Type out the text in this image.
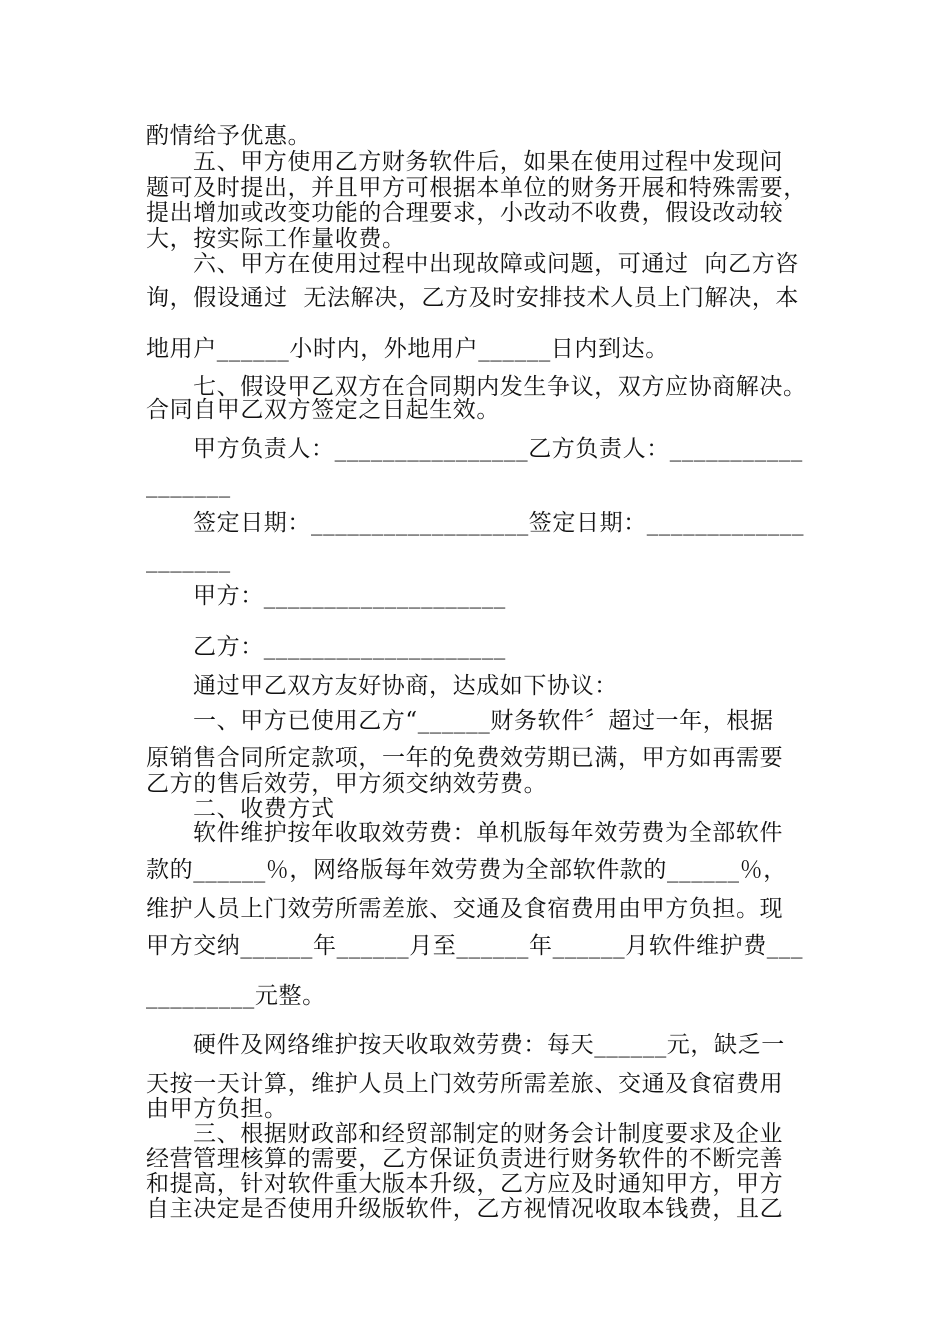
酌情给予优惠。
五、甲方使用乙方财务软件后，如果在使用过程中发现问
题可及时提出，并且甲方可根据本单位的财务开展和特殊需要，
提出增加或改变功能的合理要求，小改动不收费，假设改动较
大，按实际工作量收费。
六、甲方在使用过程中出现故障或问题，可通过  向乙方咨
询，假设通过  无法解决，乙方及时安排技术人员上门解决，本
地用户______小时内，外地用户______日内到达。
七、假设甲乙双方在合同期内发生争议，双方应协商解决。
合同自甲乙双方签定之日起生效。
甲方负责人：________________乙方负责人：___________
_______
签定日期：__________________签定日期：_____________
_______
甲方：____________________
乙方：____________________
通过甲乙双方友好协商，达成如下协议：
一、甲方已使用乙方“______财务软件〞超过一年，根据
原销售合同所定款项，一年的免费效劳期已满，甲方如再需要
乙方的售后效劳，甲方须交纳效劳费。
二、收费方式
软件维护按年收取效劳费：单机版每年效劳费为全部软件
款的______％，网络版每年效劳费为全部软件款的______％，
维护人员上门效劳所需差旅、交通及食宿费用由甲方负担。现
甲方交纳______年______月至______年______月软件维护费___
_________元整。
硬件及网络维护按天收取效劳费：每天______元，缺乏一
天按一天计算，维护人员上门效劳所需差旅、交通及食宿费用
由甲方负担。
三、根据财政部和经贸部制定的财务会计制度要求及企业
经营管理核算的需要，乙方保证负责进行财务软件的不断完善
和提高，针对软件重大版本升级，乙方应及时通知甲方，甲方
自主决定是否使用升级版软件，乙方视情况收取本钱费，且乙
